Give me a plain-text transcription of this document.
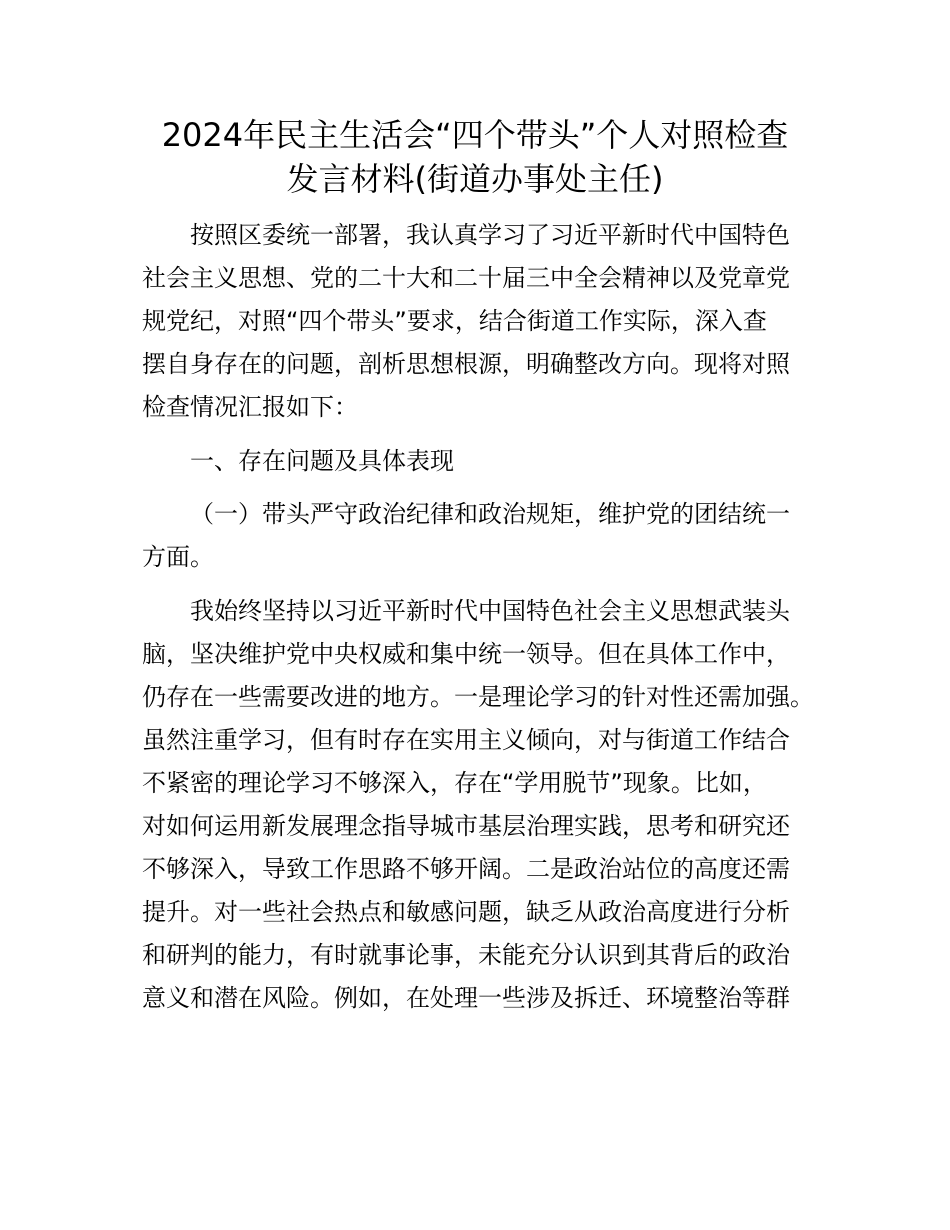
2024年民主生活会“四个带头”个人对照检查
发言材料(街道办事处主任)
按照区委统一部署，我认真学习了习近平新时代中国特色
社会主义思想、党的二十大和二十届三中全会精神以及党章党
规党纪，对照“四个带头”要求，结合街道工作实际，深入查
摆自身存在的问题，剖析思想根源，明确整改方向。现将对照
检查情况汇报如下：
一、存在问题及具体表现
（一）带头严守政治纪律和政治规矩，维护党的团结统一
方面。
我始终坚持以习近平新时代中国特色社会主义思想武装头
脑，坚决维护党中央权威和集中统一领导。但在具体工作中，
仍存在一些需要改进的地方。一是理论学习的针对性还需加强。
虽然注重学习，但有时存在实用主义倾向，对与街道工作结合
不紧密的理论学习不够深入，存在“学用脱节”现象。比如，
对如何运用新发展理念指导城市基层治理实践，思考和研究还
不够深入，导致工作思路不够开阔。二是政治站位的高度还需
提升。对一些社会热点和敏感问题，缺乏从政治高度进行分析
和研判的能力，有时就事论事，未能充分认识到其背后的政治
意义和潜在风险。例如，在处理一些涉及拆迁、环境整治等群
